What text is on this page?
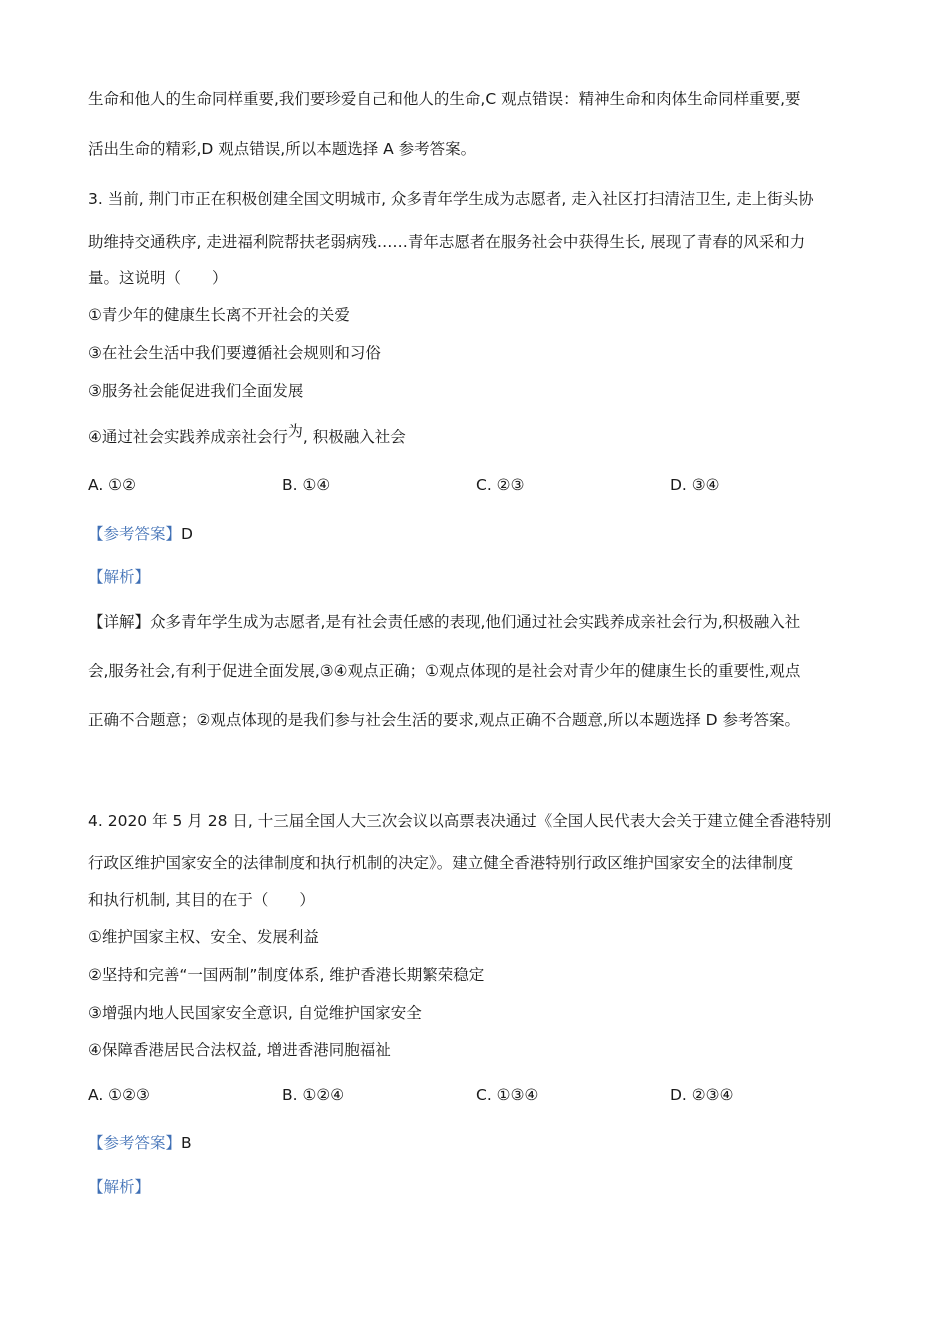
生命和他人的生命同样重要,我们要珍爱自己和他人的生命,C 观点错误：精神生命和肉体生命同样重要,要
活出生命的精彩,D 观点错误,所以本题选择 A 参考答案。
3. 当前, 荆门市正在积极创建全国文明城市, 众多青年学生成为志愿者, 走入社区打扫清洁卫生, 走上街头协
助维持交通秩序, 走进福利院帮扶老弱病残……青年志愿者在服务社会中获得生长, 展现了青春的风采和力
量。这说明（　　）
①青少年的健康生长离不开社会的关爱
③在社会生活中我们要遵循社会规则和习俗
③服务社会能促进我们全面发展
④通过社会实践养成亲社会行为, 积极融入社会
A. ①②	B. ①④	C. ②③	D. ③④
【参考答案】D
【解析】
【详解】众多青年学生成为志愿者,是有社会责任感的表现,他们通过社会实践养成亲社会行为,积极融入社
会,服务社会,有利于促进全面发展,③④观点正确；①观点体现的是社会对青少年的健康生长的重要性,观点
正确不合题意；②观点体现的是我们参与社会生活的要求,观点正确不合题意,所以本题选择 D 参考答案。
4. 2020 年 5 月 28 日, 十三届全国人大三次会议以高票表决通过《全国人民代表大会关于建立健全香港特别
行政区维护国家安全的法律制度和执行机制的决定》。建立健全香港特别行政区维护国家安全的法律制度
和执行机制, 其目的在于（　　）
①维护国家主权、安全、发展利益
②坚持和完善“一国两制”制度体系, 维护香港长期繁荣稳定
③增强内地人民国家安全意识, 自觉维护国家安全
④保障香港居民合法权益, 增进香港同胞福祉
A. ①②③	B. ①②④	C. ①③④	D. ②③④
【参考答案】B
【解析】
